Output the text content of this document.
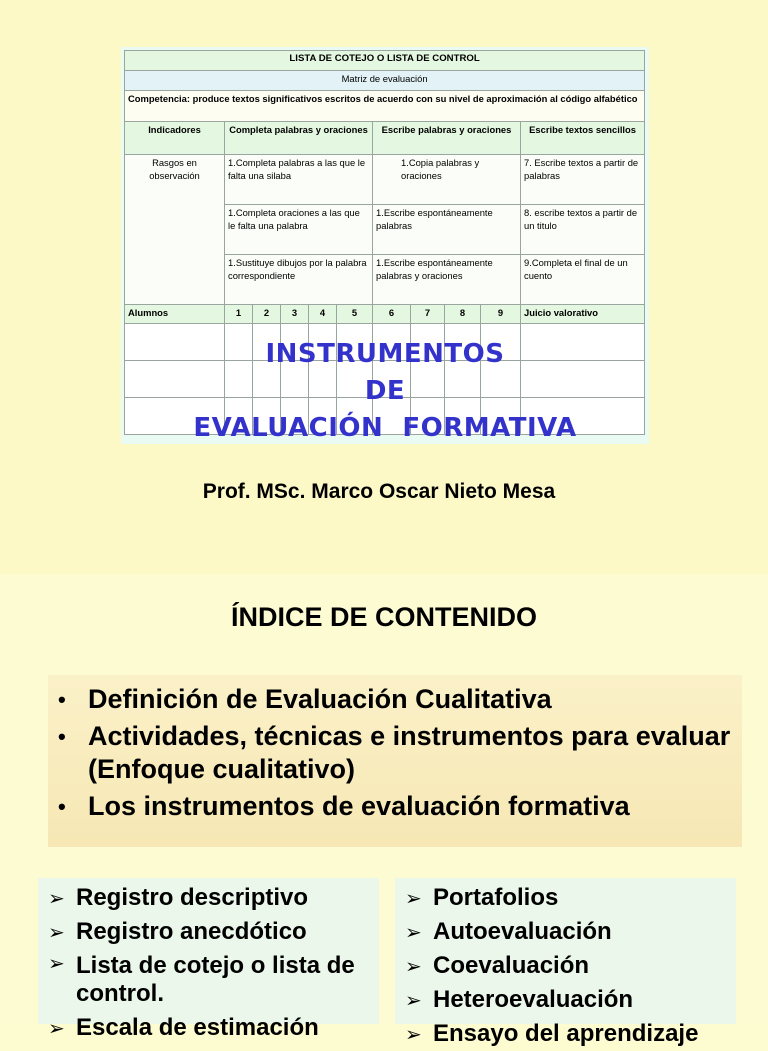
LISTA DE COTEJO O LISTA DE CONTROL										
Matriz de evaluación										
Competencia: produce textos significativos escritos de acuerdo con su nivel de aproximación al código alfabético										
Indicadores	Completa palabras y oraciones					Escribe palabras y oraciones				Escribe textos sencillos
Rasgos en observación	1.Completa palabras a las que le falta una silaba					1.Copia palabras y oraciones				7. Escribe textos a partir de palabras
	1.Completa oraciones a las que le falta una palabra					1.Escribe espontáneamente palabras				8. escribe textos a partir de un titulo
	1.Sustituye dibujos por la palabra correspondiente					1.Escribe espontáneamente palabras y oraciones				9.Completa el final de un cuento
Alumnos	1	2	3	4	5	6	7	8	9	Juicio valorativo

INSTRUMENTOS
DE
EVALUACIÓN  FORMATIVA
Prof. MSc. Marco Oscar Nieto Mesa
ÍNDICE DE CONTENIDO
• Definición de Evaluación Cualitativa
• Actividades, técnicas e instrumentos para evaluar (Enfoque cualitativo)
• Los instrumentos de evaluación formativa
➢ Registro descriptivo
➢ Registro anecdótico
➢ Lista de cotejo o lista de control.
➢ Escala de estimación
➢ Portafolios
➢ Autoevaluación
➢ Coevaluación
➢ Heteroevaluación
➢ Ensayo del aprendizaje
